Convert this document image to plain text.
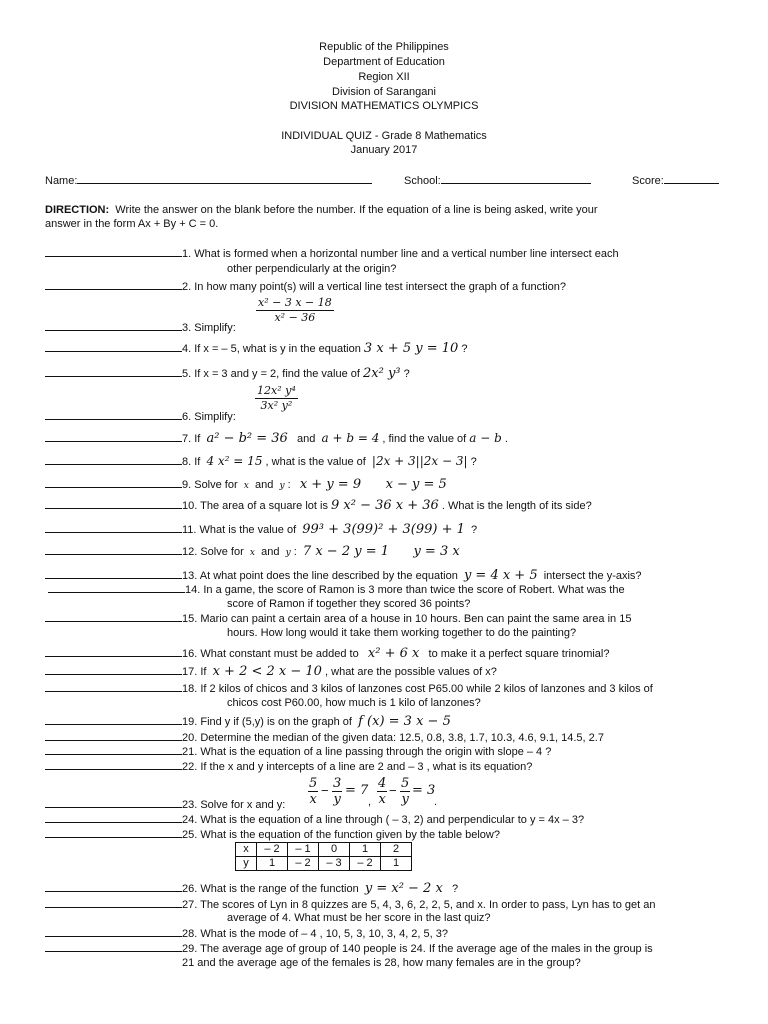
Republic of the Philippines
Department of Education
Region XII
Division of Sarangani
DIVISION MATHEMATICS OLYMPICS
INDIVIDUAL QUIZ - Grade 8 Mathematics
January 2017
Name:	School:	Score:
DIRECTION: Write the answer on the blank before the number. If the equation of a line is being asked, write your
answer in the form Ax + By + C = 0.
1. What is formed when a horizontal number line and a vertical number line intersect each
other perpendicularly at the origin?
2. In how many point(s) will a vertical line test intersect the graph of a function?
$\frac{\text{x² − 3 x − 18}}{\text{x² − 36}}$
3. Simplify:
4. If x = – 5, what is y in the equation 3 x + 5 y = 10 ?
5. If x = 3 and y = 2, find the value of 2x² y³ ?
$\frac{\text{12x² y⁴}}{\text{3x² y²}}$
6. Simplify:
7. If a² − b² = 36 and a + b = 4 , find the value of a − b .
8. If 4 x² = 15 , what is the value of |2x + 3||2x − 3| ?
9. Solve for x and y : x + y = 9 x − y = 5
10. The area of a square lot is 9 x² − 36 x + 36 . What is the length of its side?
11. What is the value of 99³ + 3(99)² + 3(99) + 1 ?
12. Solve for x and y : 7 x − 2 y = 1 y = 3 x
13. At what point does the line described by the equation y = 4 x + 5 intersect the y-axis?
14. In a game, the score of Ramon is 3 more than twice the score of Robert. What was the
score of Ramon if together they scored 36 points?
15. Mario can paint a certain area of a house in 10 hours. Ben can paint the same area in 15
hours. How long would it take them working together to do the painting?
16. What constant must be added to x² + 6 x to make it a perfect square trinomial?
17. If x + 2 < 2 x − 10 , what are the possible values of x?
18. If 2 kilos of chicos and 3 kilos of lanzones cost P65.00 while 2 kilos of lanzones and 3 kilos of
chicos cost P60.00, how much is 1 kilo of lanzones?
19. Find y if (5,y) is on the graph of f (x) = 3 x − 5
20. Determine the median of the given data: 12.5, 0.8, 3.8, 1.7, 10.3, 4.6, 9.1, 14.5, 2.7
21. What is the equation of a line passing through the origin with slope – 4 ?
22. If the x and y intercepts of a line are 2 and – 3 , what is its equation?
$\frac{5}{x} - \frac{3}{y} = 7$
, $\frac{4}{x} - \frac{5}{y} = 3$
.
23. Solve for x and y:
24. What is the equation of a line through ( – 3, 2) and perpendicular to y = 4x – 3?
25. What is the equation of the function given by the table below?
x	– 2	– 1	0	1	2
y	1	– 2	– 3	– 2	1
26. What is the range of the function y = x² − 2 x ?
27. The scores of Lyn in 8 quizzes are 5, 4, 3, 6, 2, 2, 5, and x. In order to pass, Lyn has to get an
average of 4. What must be her score in the last quiz?
28. What is the mode of – 4 , 10, 5, 3, 10, 3, 4, 2, 5, 3?
29. The average age of group of 140 people is 24. If the average age of the males in the group is
21 and the average age of the females is 28, how many females are in the group?
